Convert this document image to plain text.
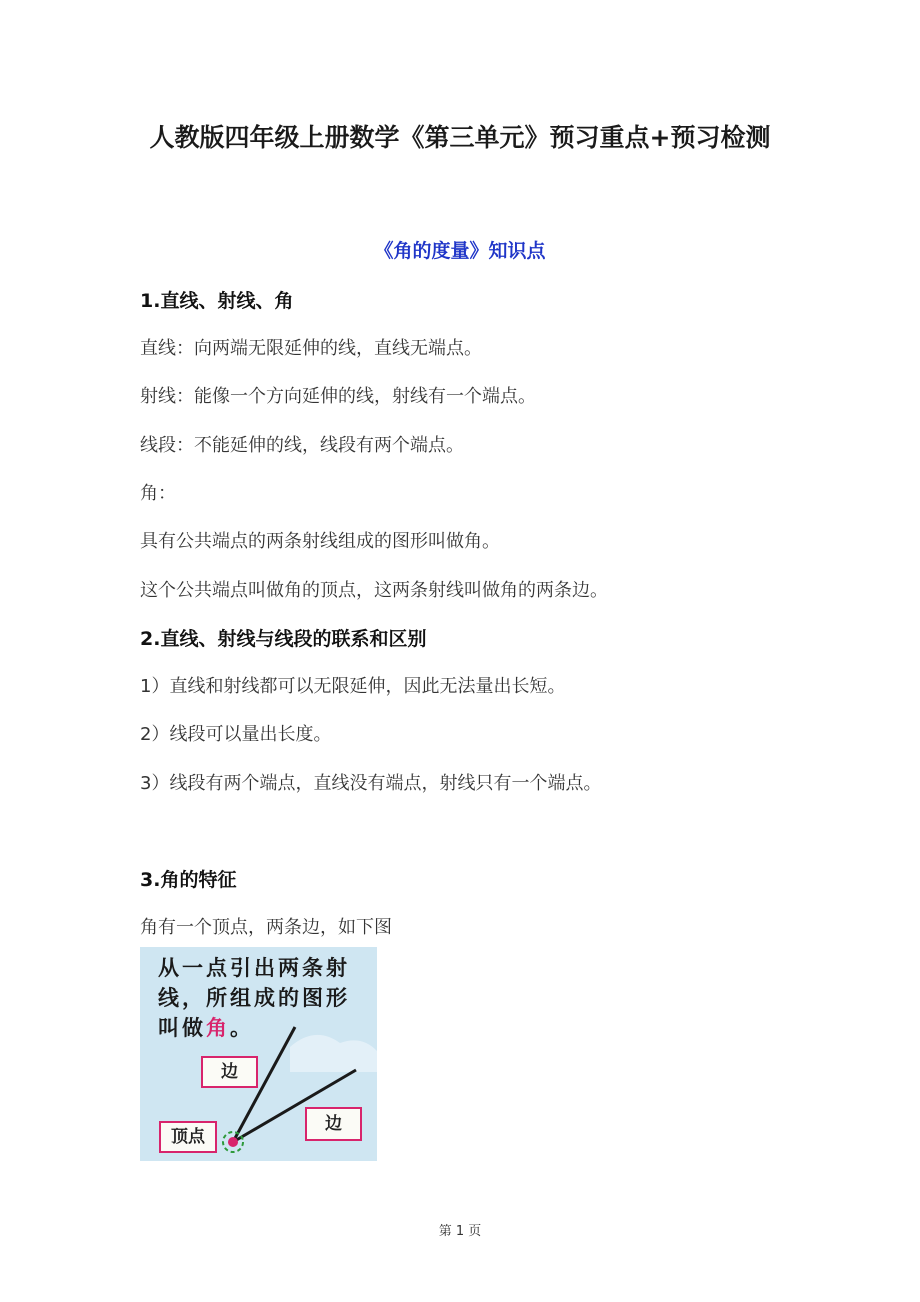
人教版四年级上册数学《第三单元》预习重点+预习检测
《角的度量》知识点
1.直线、射线、角
直线：向两端无限延伸的线，直线无端点。
射线：能像一个方向延伸的线，射线有一个端点。
线段：不能延伸的线，线段有两个端点。
角：
具有公共端点的两条射线组成的图形叫做角。
这个公共端点叫做角的顶点，这两条射线叫做角的两条边。
2.直线、射线与线段的联系和区别
1）直线和射线都可以无限延伸，因此无法量出长短。
2）线段可以量出长度。
3）线段有两个端点，直线没有端点，射线只有一个端点。
3.角的特征
角有一个顶点，两条边，如下图
从一点引出两条射
线，所组成的图形
叫做角。
边
边
顶点
第 1 页
